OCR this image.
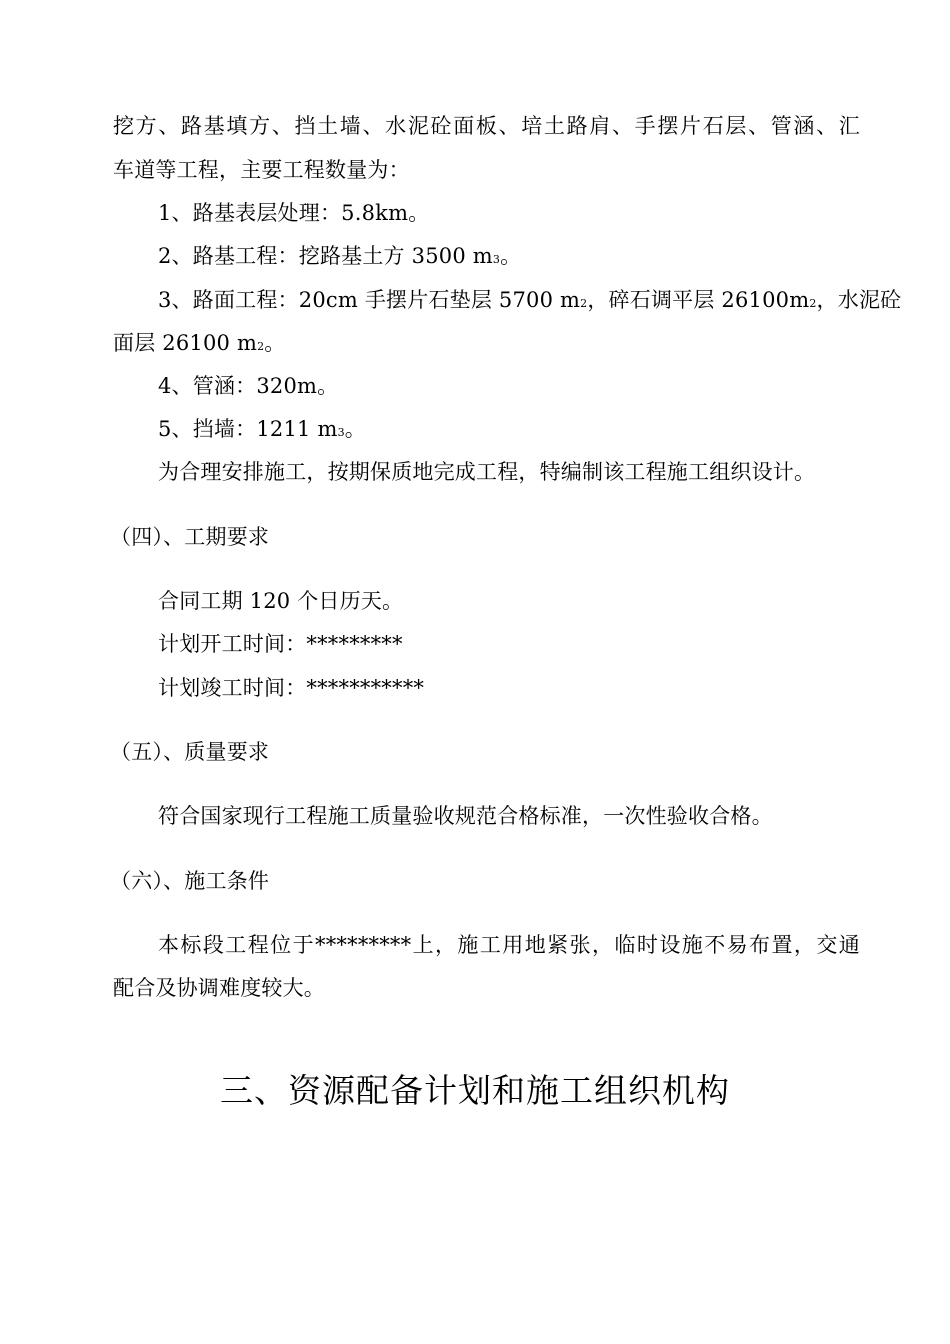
挖方、路基填方、挡土墙、水泥砼面板、培土路肩、手摆片石层、管涵、汇
车道等工程，主要工程数量为：
1、路基表层处理：5.8km。
2、路基工程：挖路基土方 3500 m3。
3、路面工程：20cm 手摆片石垫层 5700 m2，碎石调平层 26100m2，水泥砼
面层 26100 m2。
4、管涵：320m。
5、挡墙：1211 m3。
为合理安排施工，按期保质地完成工程，特编制该工程施工组织设计。
（四）、工期要求
合同工期 120 个日历天。
计划开工时间：*********
计划竣工时间：***********
（五）、质量要求
符合国家现行工程施工质量验收规范合格标准，一次性验收合格。
（六）、施工条件
本标段工程位于*********上，施工用地紧张，临时设施不易布置，交通
配合及协调难度较大。
三、资源配备计划和施工组织机构
